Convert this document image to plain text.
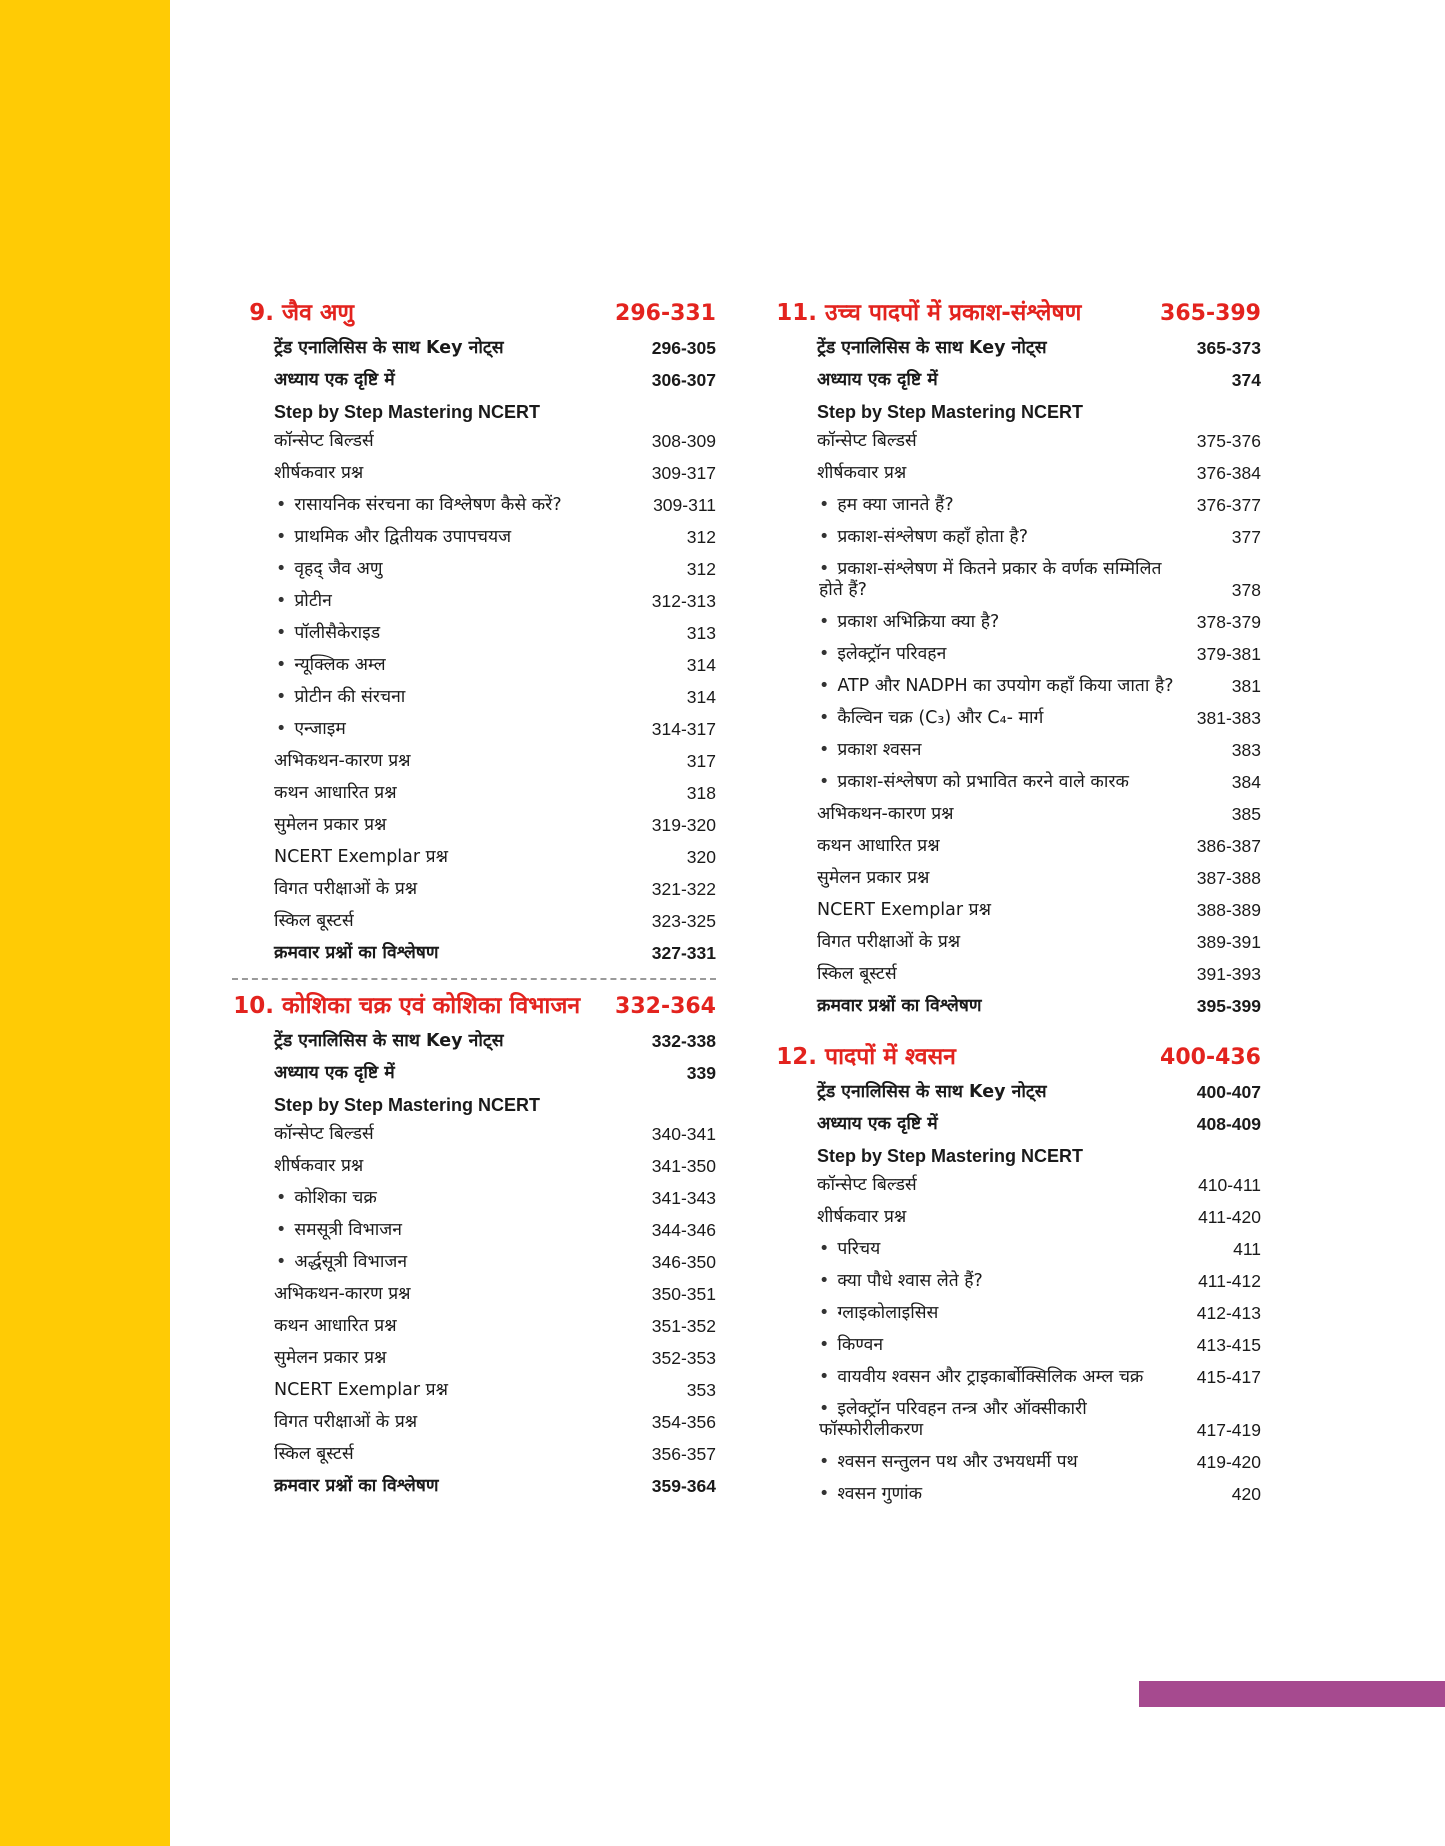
9. जैव अणु	296-331
ट्रेंड एनालिसिस के साथ Key नोट्स	296-305
अध्याय एक दृष्टि में	306-307
Step by Step Mastering NCERT
कॉन्सेप्ट बिल्डर्स	308-309
शीर्षकवार प्रश्न	309-317
• रासायनिक संरचना का विश्लेषण कैसे करें?	309-311
• प्राथमिक और द्वितीयक उपापचयज	312
• वृहद् जैव अणु	312
• प्रोटीन	312-313
• पॉलीसैकेराइड	313
• न्यूक्लिक अम्ल	314
• प्रोटीन की संरचना	314
• एन्जाइम	314-317
अभिकथन-कारण प्रश्न	317
कथन आधारित प्रश्न	318
सुमेलन प्रकार प्रश्न	319-320
NCERT Exemplar प्रश्न	320
विगत परीक्षाओं के प्रश्न	321-322
स्किल बूस्टर्स	323-325
क्रमवार प्रश्नों का विश्लेषण	327-331
10. कोशिका चक्र एवं कोशिका विभाजन 332-364
ट्रेंड एनालिसिस के साथ Key नोट्स	332-338
अध्याय एक दृष्टि में	339
Step by Step Mastering NCERT
कॉन्सेप्ट बिल्डर्स	340-341
शीर्षकवार प्रश्न	341-350
• कोशिका चक्र	341-343
• समसूत्री विभाजन	344-346
• अर्द्धसूत्री विभाजन	346-350
अभिकथन-कारण प्रश्न	350-351
कथन आधारित प्रश्न	351-352
सुमेलन प्रकार प्रश्न	352-353
NCERT Exemplar प्रश्न	353
विगत परीक्षाओं के प्रश्न	354-356
स्किल बूस्टर्स	356-357
क्रमवार प्रश्नों का विश्लेषण	359-364
11. उच्च पादपों में प्रकाश-संश्लेषण	365-399
ट्रेंड एनालिसिस के साथ Key नोट्स	365-373
अध्याय एक दृष्टि में	374
Step by Step Mastering NCERT
कॉन्सेप्ट बिल्डर्स	375-376
शीर्षकवार प्रश्न	376-384
• हम क्या जानते हैं?	376-377
• प्रकाश-संश्लेषण कहाँ होता है?	377
• प्रकाश-संश्लेषण में कितने प्रकार के वर्णक सम्मिलित होते हैं?	378
• प्रकाश अभिक्रिया क्या है?	378-379
• इलेक्ट्रॉन परिवहन	379-381
• ATP और NADPH का उपयोग कहाँ किया जाता है?	381
• कैल्विन चक्र (C₃) और C₄- मार्ग	381-383
• प्रकाश श्वसन	383
• प्रकाश-संश्लेषण को प्रभावित करने वाले कारक	384
अभिकथन-कारण प्रश्न	385
कथन आधारित प्रश्न	386-387
सुमेलन प्रकार प्रश्न	387-388
NCERT Exemplar प्रश्न	388-389
विगत परीक्षाओं के प्रश्न	389-391
स्किल बूस्टर्स	391-393
क्रमवार प्रश्नों का विश्लेषण	395-399
12. पादपों में श्वसन	400-436
ट्रेंड एनालिसिस के साथ Key नोट्स	400-407
अध्याय एक दृष्टि में	408-409
Step by Step Mastering NCERT
कॉन्सेप्ट बिल्डर्स	410-411
शीर्षकवार प्रश्न	411-420
• परिचय	411
• क्या पौधे श्वास लेते हैं?	411-412
• ग्लाइकोलाइसिस	412-413
• किण्वन	413-415
• वायवीय श्वसन और ट्राइकार्बोक्सिलिक अम्ल चक्र	415-417
• इलेक्ट्रॉन परिवहन तन्त्र और ऑक्सीकारी फॉस्फोरीलीकरण	417-419
• श्वसन सन्तुलन पथ और उभयधर्मी पथ	419-420
• श्वसन गुणांक	420
